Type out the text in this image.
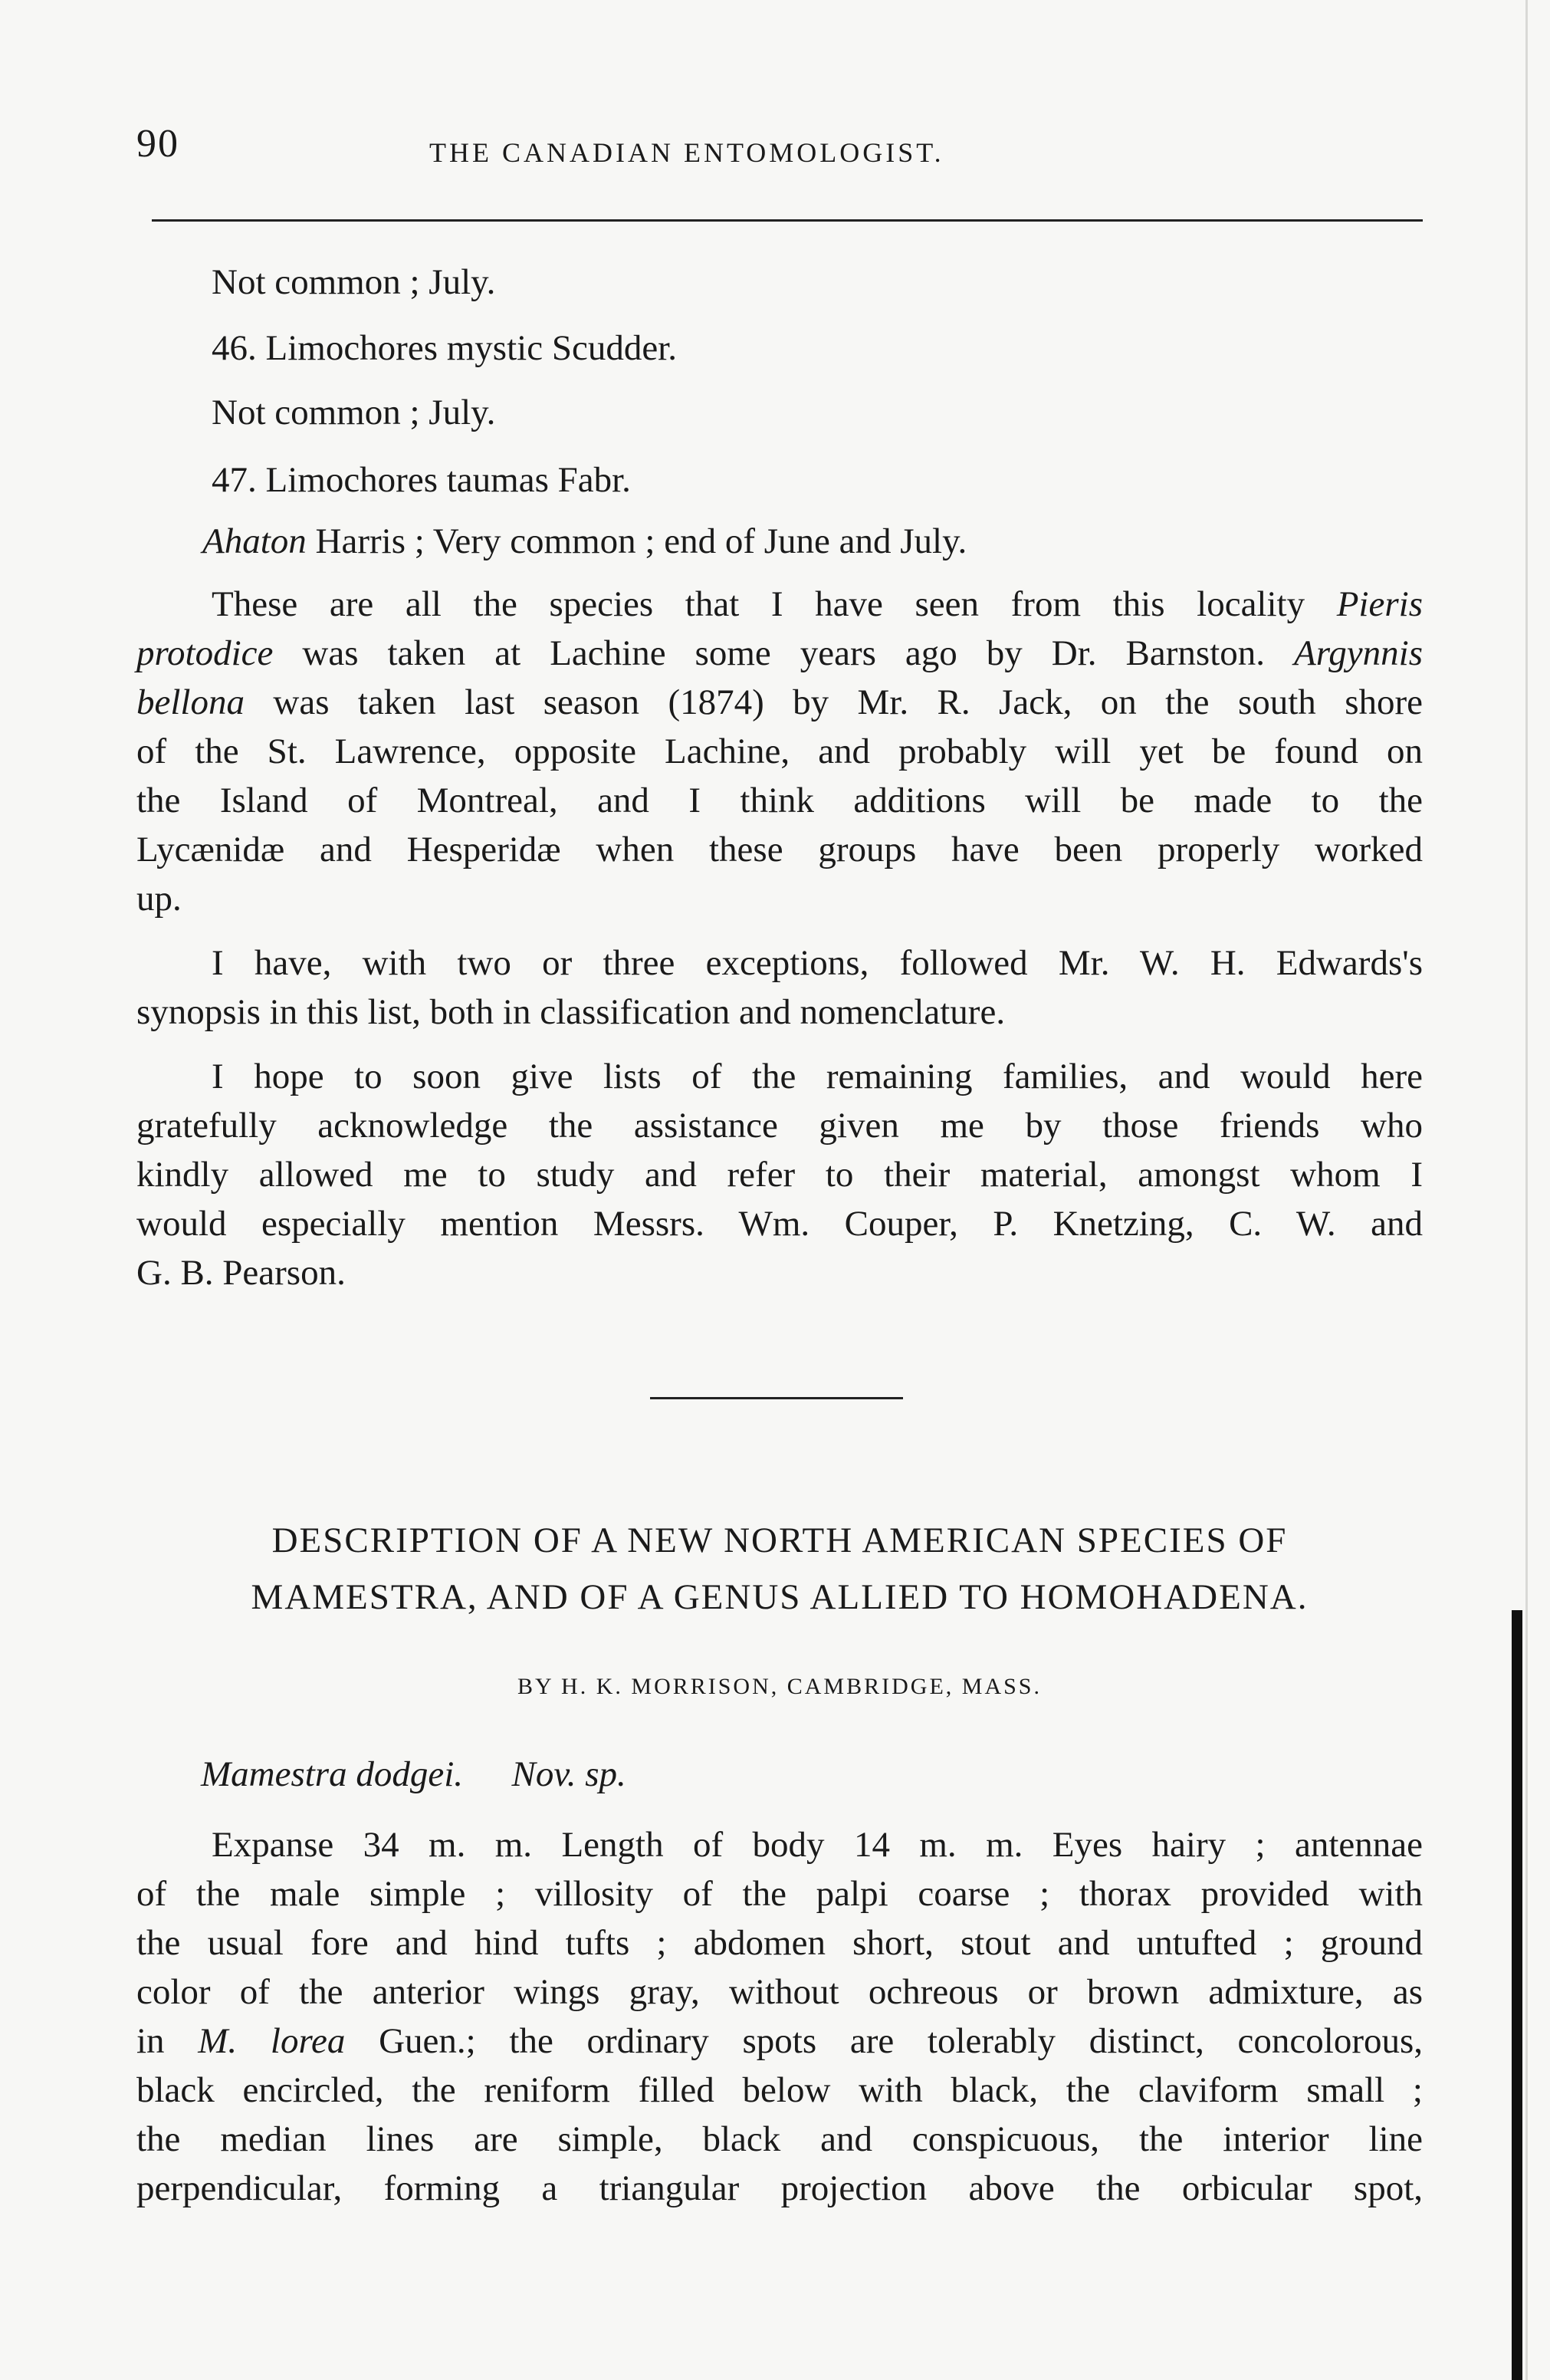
90	THE CANADIAN ENTOMOLOGIST.
Not common ; July.
46. Limochores mystic Scudder.
Not common ; July.
47. Limochores taumas Fabr.
Ahaton Harris ; Very common ; end of June and July.
These are all the species that I have seen from this locality Pieris
protodice was taken at Lachine some years ago by Dr. Barnston. Argynnis
bellona was taken last season (1874) by Mr. R. Jack, on the south shore
of the St. Lawrence, opposite Lachine, and probably will yet be found on
the Island of Montreal, and I think additions will be made to the
Lycænidæ and Hesperidæ when these groups have been properly worked
up.
I have, with two or three exceptions, followed Mr. W. H. Edwards's
synopsis in this list, both in classification and nomenclature.
I hope to soon give lists of the remaining families, and would here
gratefully acknowledge the assistance given me by those friends who
kindly allowed me to study and refer to their material, amongst whom I
would especially mention Messrs. Wm. Couper, P. Knetzing, C. W. and
G. B. Pearson.
DESCRIPTION OF A NEW NORTH AMERICAN SPECIES OF
MAMESTRA, AND OF A GENUS ALLIED TO HOMOHADENA.
BY H. K. MORRISON, CAMBRIDGE, MASS.
Mamestra dodgei. Nov. sp.
Expanse 34 m. m. Length of body 14 m. m. Eyes hairy ; antennae
of the male simple ; villosity of the palpi coarse ; thorax provided with
the usual fore and hind tufts ; abdomen short, stout and untufted ; ground
color of the anterior wings gray, without ochreous or brown admixture, as
in M. lorea Guen.; the ordinary spots are tolerably distinct, concolorous,
black encircled, the reniform filled below with black, the claviform small ;
the median lines are simple, black and conspicuous, the interior line
perpendicular, forming a triangular projection above the orbicular spot,
